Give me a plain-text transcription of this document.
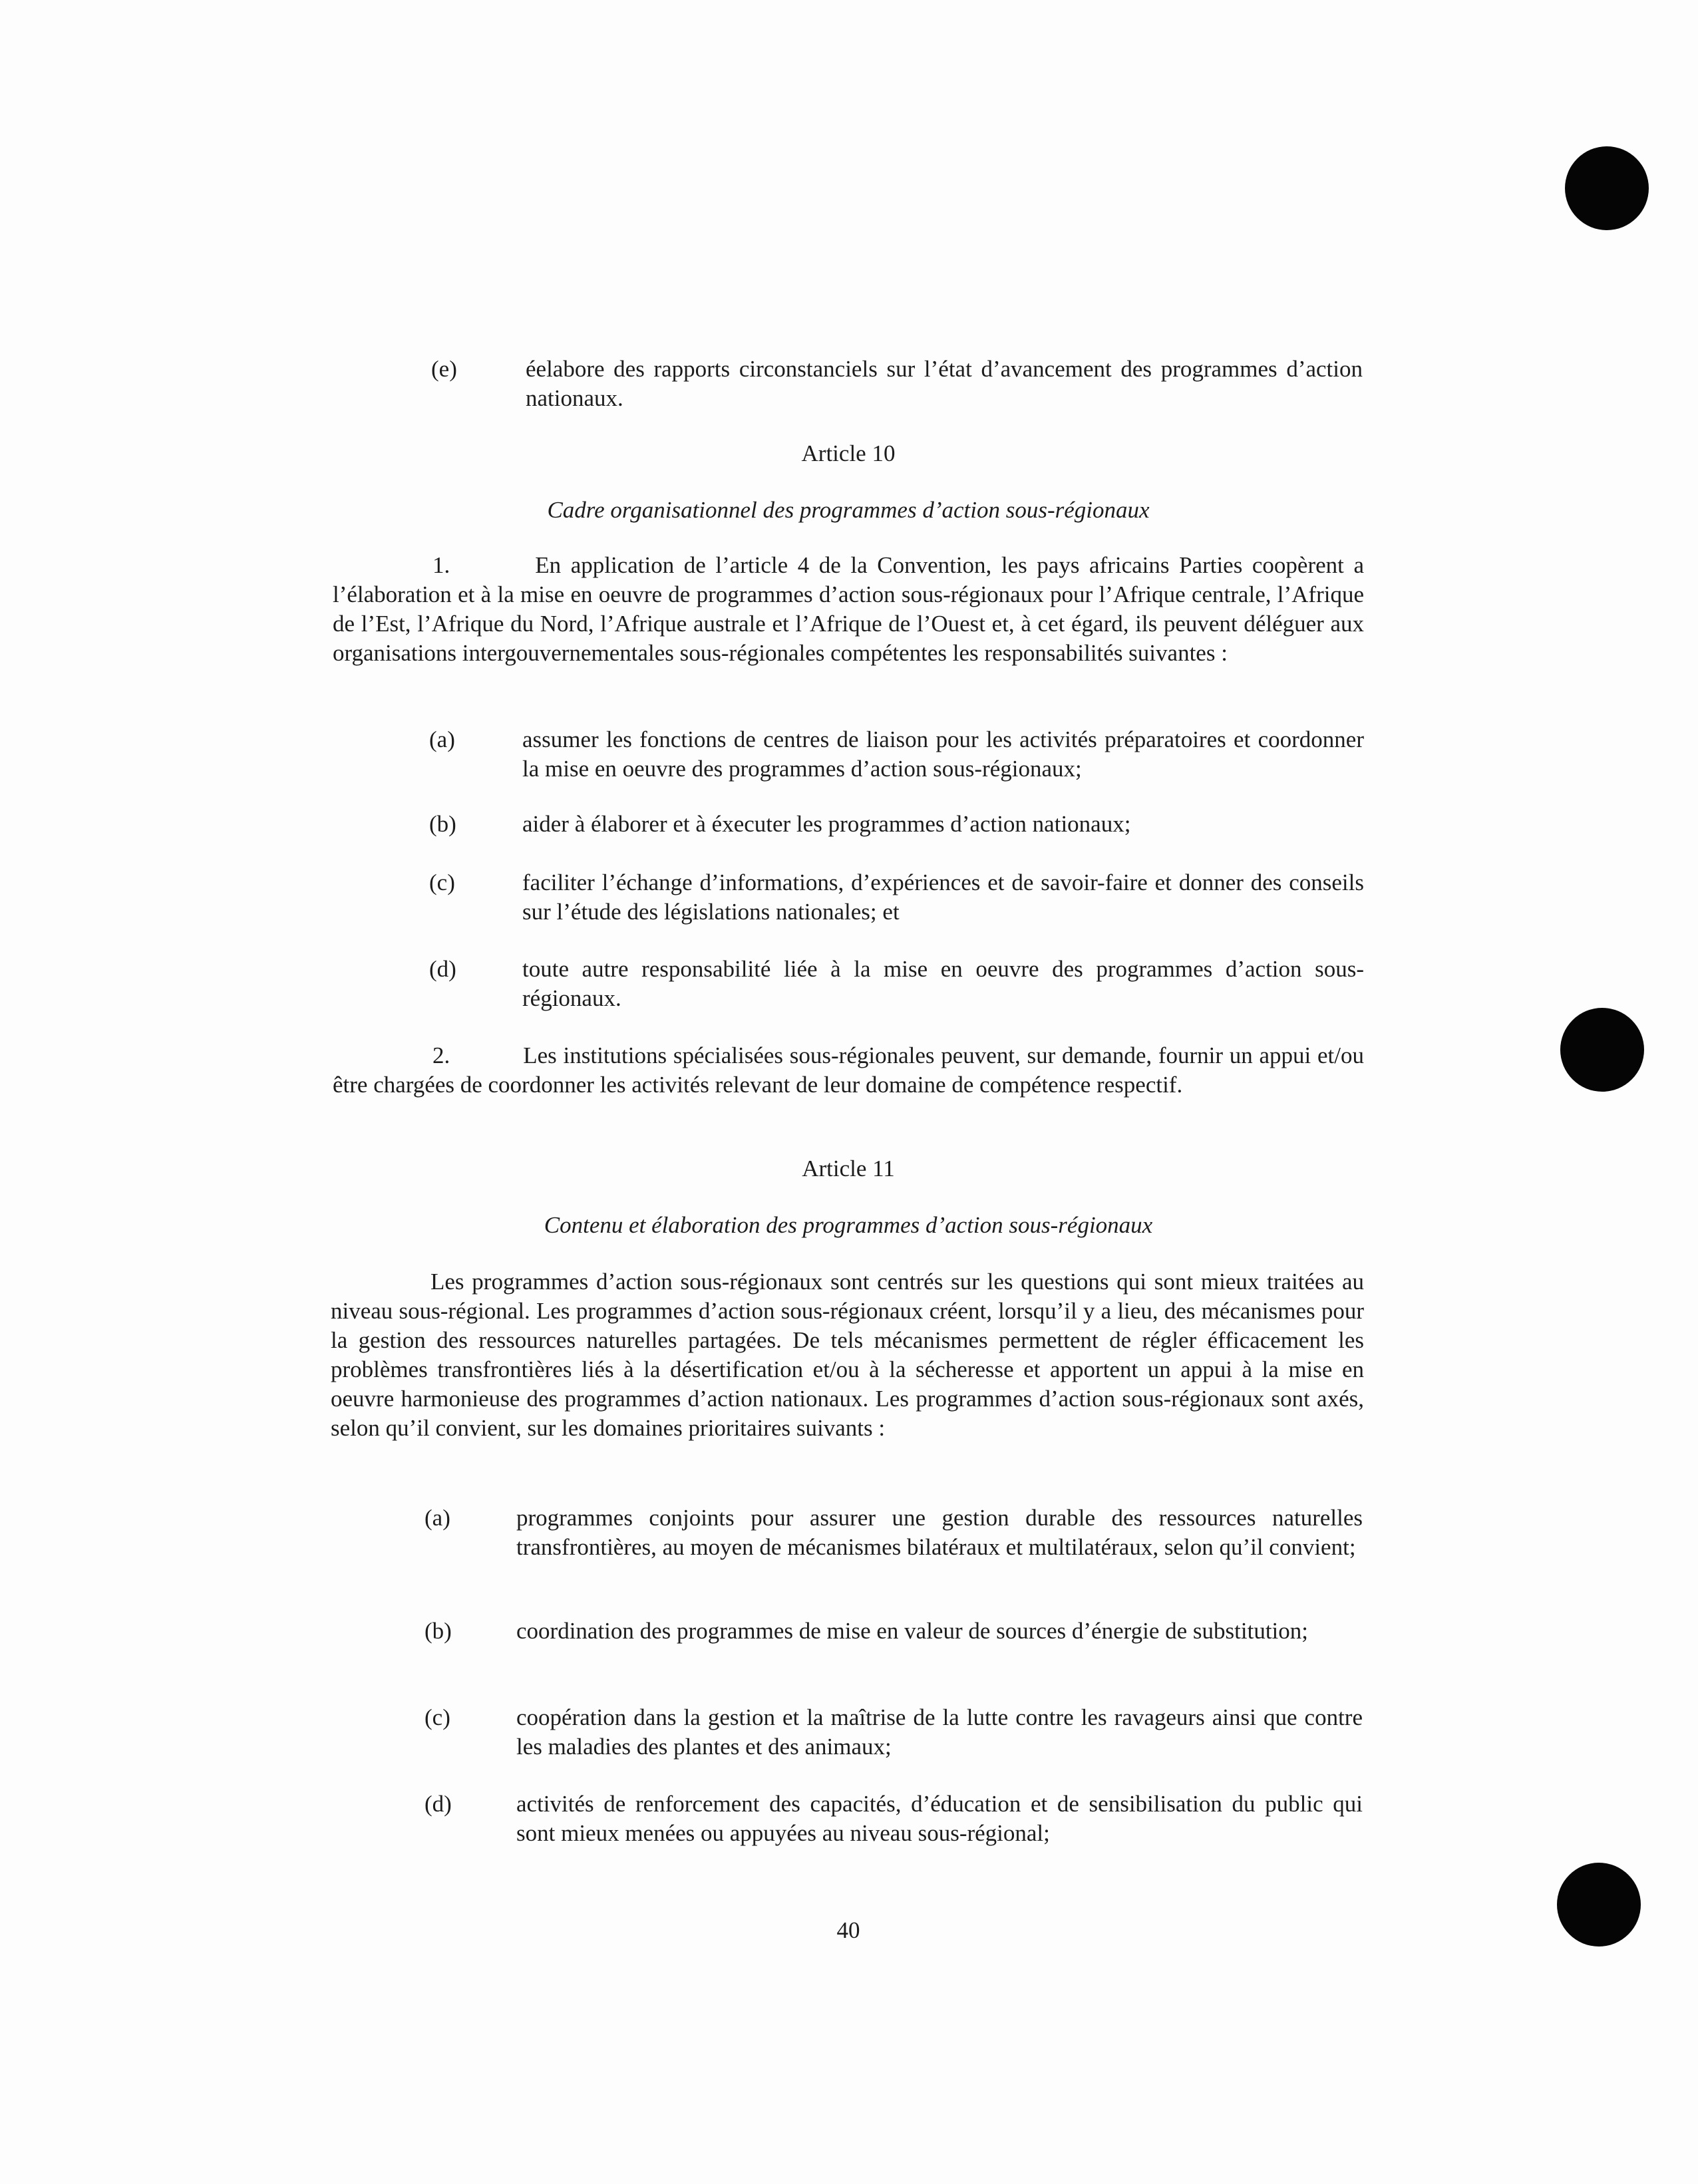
(e)	éelabore des rapports circonstanciels sur l’état d’avancement des programmes d’action nationaux.
Article 10
Cadre organisationnel des programmes d’action sous-régionaux
1.	En application de l’article 4 de la Convention, les pays africains Parties coopèrent a l’élaboration et à la mise en oeuvre de programmes d’action sous-régionaux pour l’Afrique centrale, l’Afrique de l’Est, l’Afrique du Nord, l’Afrique australe et l’Afrique de l’Ouest et, à cet égard, ils peuvent déléguer aux organisations intergouvernementales sous-régionales compétentes les responsabilités suivantes :
(a)	assumer les fonctions de centres de liaison pour les activités préparatoires et coordonner la mise en oeuvre des programmes d’action sous-régionaux;
(b)	aider à élaborer et à éxecuter les programmes d’action nationaux;
(c)	faciliter l’échange d’informations, d’expériences et de savoir-faire et donner des conseils sur l’étude des législations nationales; et
(d)	toute autre responsabilité liée à la mise en oeuvre des programmes d’action sous-régionaux.
2.	Les institutions spécialisées sous-régionales peuvent, sur demande, fournir un appui et/ou être chargées de coordonner les activités relevant de leur domaine de compétence respectif.
Article 11
Contenu et élaboration des programmes d’action sous-régionaux
Les programmes d’action sous-régionaux sont centrés sur les questions qui sont mieux traitées au niveau sous-régional. Les programmes d’action sous-régionaux créent, lorsqu’il y a lieu, des mécanismes pour la gestion des ressources naturelles partagées. De tels mécanismes permettent de régler éfficacement les problèmes transfrontières liés à la désertification et/ou à la sécheresse et apportent un appui à la mise en oeuvre harmonieuse des programmes d’action nationaux. Les programmes d’action sous-régionaux sont axés, selon qu’il convient, sur les domaines prioritaires suivants :
(a)	programmes conjoints pour assurer une gestion durable des ressources naturelles transfrontières, au moyen de mécanismes bilatéraux et multilatéraux, selon qu’il convient;
(b)	coordination des programmes de mise en valeur de sources d’énergie de substitution;
(c)	coopération dans la gestion et la maîtrise de la lutte contre les ravageurs ainsi que contre les maladies des plantes et des animaux;
(d)	activités de renforcement des capacités, d’éducation et de sensibilisation du public qui sont mieux menées ou appuyées au niveau sous-régional;
40
